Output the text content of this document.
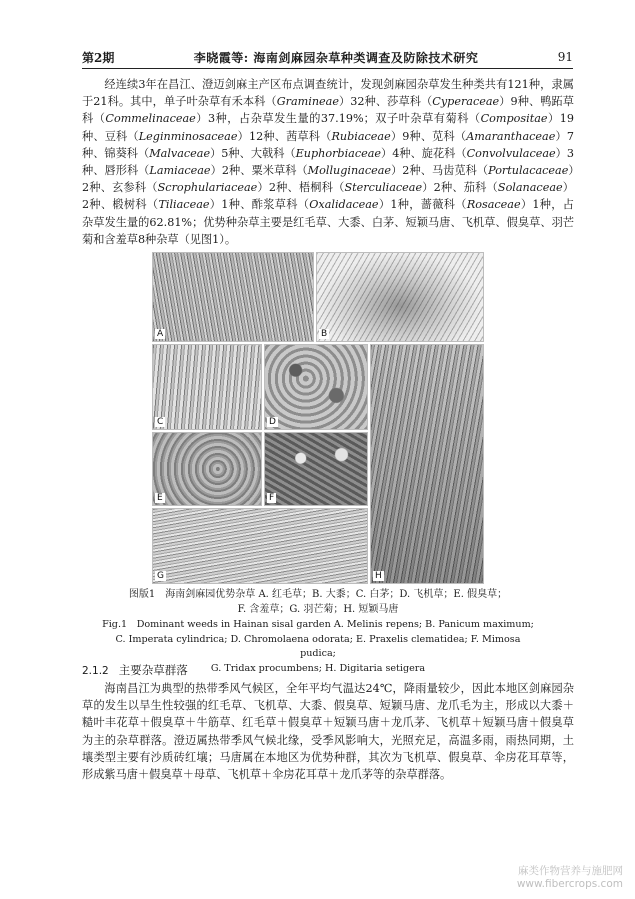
第2期	李晓霞等: 海南剑麻园杂草种类调查及防除技术研究	91

经连续3年在昌江、澄迈剑麻主产区布点调查统计，发现剑麻园杂草发生种类共有121种，隶属于21科。其中，单子叶杂草有禾本科（Gramineae）32种、莎草科（Cyperaceae）9种、鸭跖草科（Commelinaceae）3种，占杂草发生量的37.19%；双子叶杂草有菊科（Compositae）19种、豆科（Leginminosaceae）12种、茜草科（Rubiaceae）9种、苋科（Amaranthaceae）7种、锦葵科（Malvaceae）5种、大戟科（Euphorbiaceae）4种、旋花科（Convolvulaceae）3种、唇形科（Lamiaceae）2种、粟米草科（Molluginaceae）2种、马齿苋科（Portulacaceae）2种、玄参科（Scrophulariaceae）2种、梧桐科（Sterculiaceae）2种、茄科（Solanaceae）2种、椴树科（Tiliaceae）1种、酢浆草科（Oxalidaceae）1种，蔷薇科（Rosaceae）1种，占杂草发生量的62.81%；优势种杂草主要是红毛草、大黍、白茅、短颖马唐、飞机草、假臭草、羽芒菊和含羞草8种杂草（见图1）。

A	B
C	D
E	F
G	H
图版1　海南剑麻园优势杂草 A. 红毛草；B. 大黍；C. 白茅；D. 飞机草；E. 假臭草；
F. 含羞草；G. 羽芒菊；H. 短颖马唐
Fig.1　Dominant weeds in Hainan sisal garden A. Melinis repens; B. Panicum maximum;
C. Imperata cylindrica; D. Chromolaena odorata; E. Praxelis clematidea; F. Mimosa pudica;
G. Tridax procumbens; H. Digitaria setigera
2.1.2 主要杂草群落

海南昌江为典型的热带季风气候区，全年平均气温达24℃，降雨量较少，因此本地区剑麻园杂草的发生以旱生性较强的红毛草、飞机草、大黍、假臭草、短颖马唐、龙爪毛为主，形成以大黍＋糙叶丰花草＋假臭草＋牛筋草、红毛草＋假臭草＋短颖马唐＋龙爪茅、飞机草＋短颖马唐＋假臭草为主的杂草群落。澄迈属热带季风气候北缘，受季风影响大，光照充足，高温多雨，雨热同期，土壤类型主要有沙质砖红壤；马唐属在本地区为优势种群，其次为飞机草、假臭草、伞房花耳草等，形成紫马唐＋假臭草＋母草、飞机草＋伞房花耳草＋龙爪茅等的杂草群落。

麻类作物营养与施肥网
www.fibercrops.com
